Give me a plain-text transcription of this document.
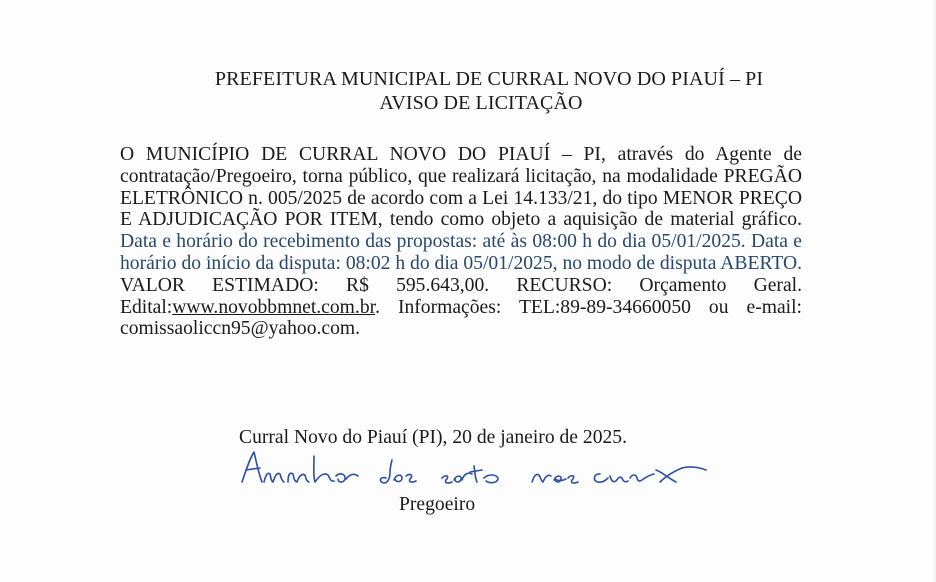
PREFEITURA MUNICIPAL DE CURRAL NOVO DO PIAUÍ – PI
AVISO DE LICITAÇÃO
O MUNICÍPIO DE CURRAL NOVO DO PIAUÍ – PI, através do Agente de contratação/Pregoeiro, torna público, que realizará licitação, na modalidade PREGÃO ELETRÔNICO n. 005/2025 de acordo com a Lei 14.133/21, do tipo MENOR PREÇO E ADJUDICAÇÃO POR ITEM, tendo como objeto a aquisição de material gráfico. Data e horário do recebimento das propostas: até às 08:00 h do dia 05/01/2025. Data e horário do início da disputa: 08:02 h do dia 05/01/2025, no modo de disputa ABERTO. VALOR ESTIMADO: R$ 595.643,00. RECURSO: Orçamento Geral. Edital:www.novobbmnet.com.br. Informações: TEL:89-89-34660050 ou e-mail: comissaoliccn95@yahoo.com.
Curral Novo do Piauí (PI), 20 de janeiro de 2025.
Pregoeiro
